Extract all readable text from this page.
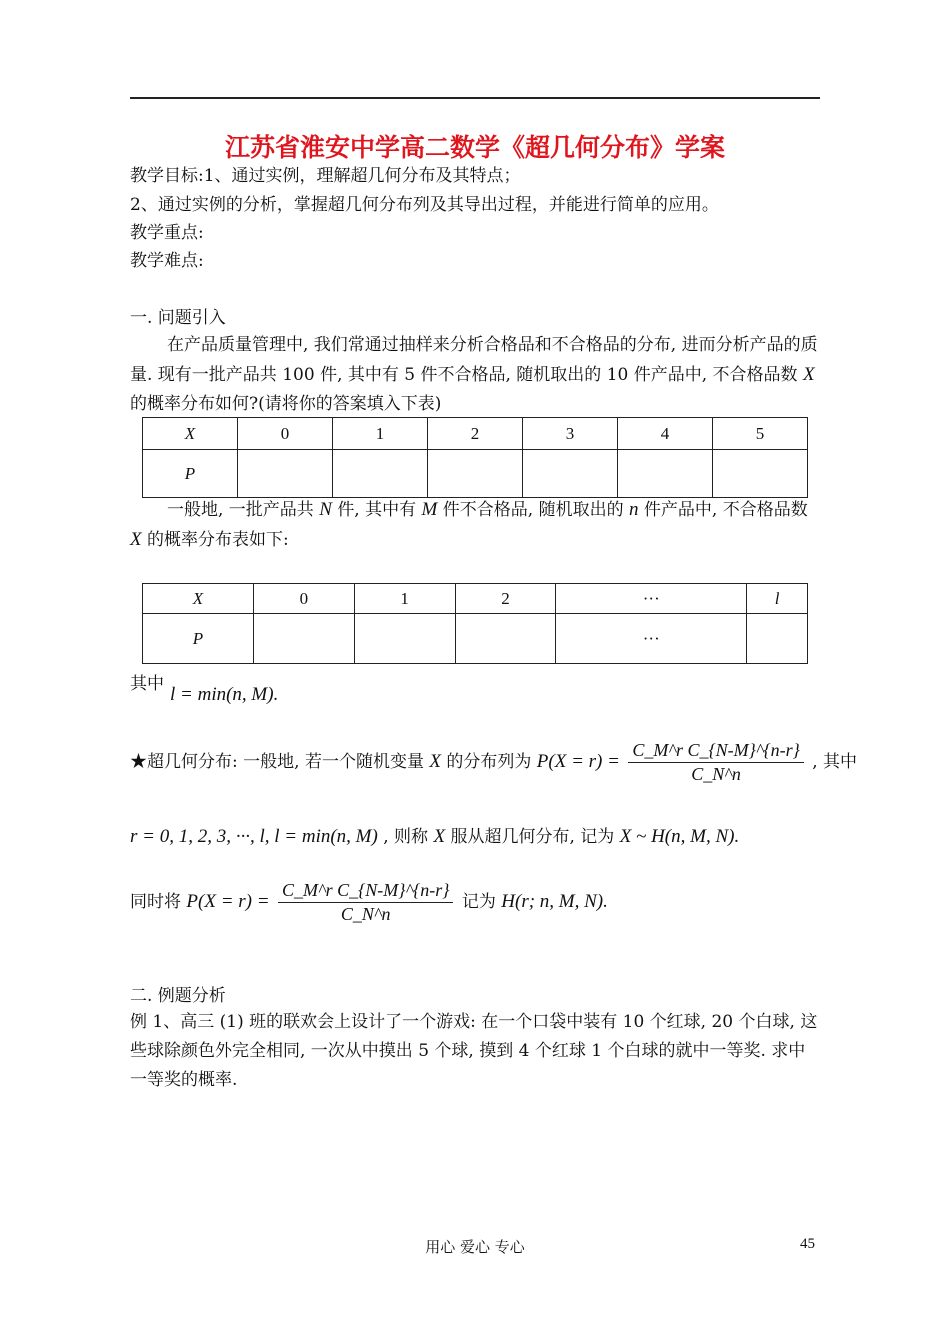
江苏省淮安中学高二数学《超几何分布》学案
教学目标:1、通过实例，理解超几何分布及其特点；
2、通过实例的分析，掌握超几何分布列及其导出过程，并能进行简单的应用。
教学重点:
教学难点:
一. 问题引入
在产品质量管理中, 我们常通过抽样来分析合格品和不合格品的分布, 进而分析产品的质量. 现有一批产品共 100 件, 其中有 5 件不合格品, 随机取出的 10 件产品中, 不合格品数 X 的概率分布如何?(请将你的答案填入下表)
X	0	1	2	3	4	5
P						
一般地, 一批产品共 N 件, 其中有 M 件不合格品, 随机取出的 n 件产品中, 不合格品数 X 的概率分布表如下:
X	0	1	2	···	l
P				···	
其中 l = min(n, M).
★超几何分布: 一般地, 若一个随机变量 X 的分布列为 $P(X = r) = \frac{\text{C\_M\textasciicircum{}r C\_\{N-M\}\textasciicircum{}\{n-r\}}}{C\_N\^{}n}$ , 其中
r = 0, 1, 2, 3, ···, l, l = min(n, M) , 则称 X 服从超几何分布, 记为 X ~ H(n, M, N).
同时将 $P(X = r) = \frac{\text{C\_M\textasciicircum{}r C\_\{N-M\}\textasciicircum{}\{n-r\}}}{C\_N\^{}n}$ 记为 H(r; n, M, N).
二. 例题分析
例 1、高三 (1) 班的联欢会上设计了一个游戏: 在一个口袋中装有 10 个红球, 20 个白球, 这些球除颜色外完全相同, 一次从中摸出 5 个球, 摸到 4 个红球 1 个白球的就中一等奖. 求中一等奖的概率.
用心 爱心 专心	45
